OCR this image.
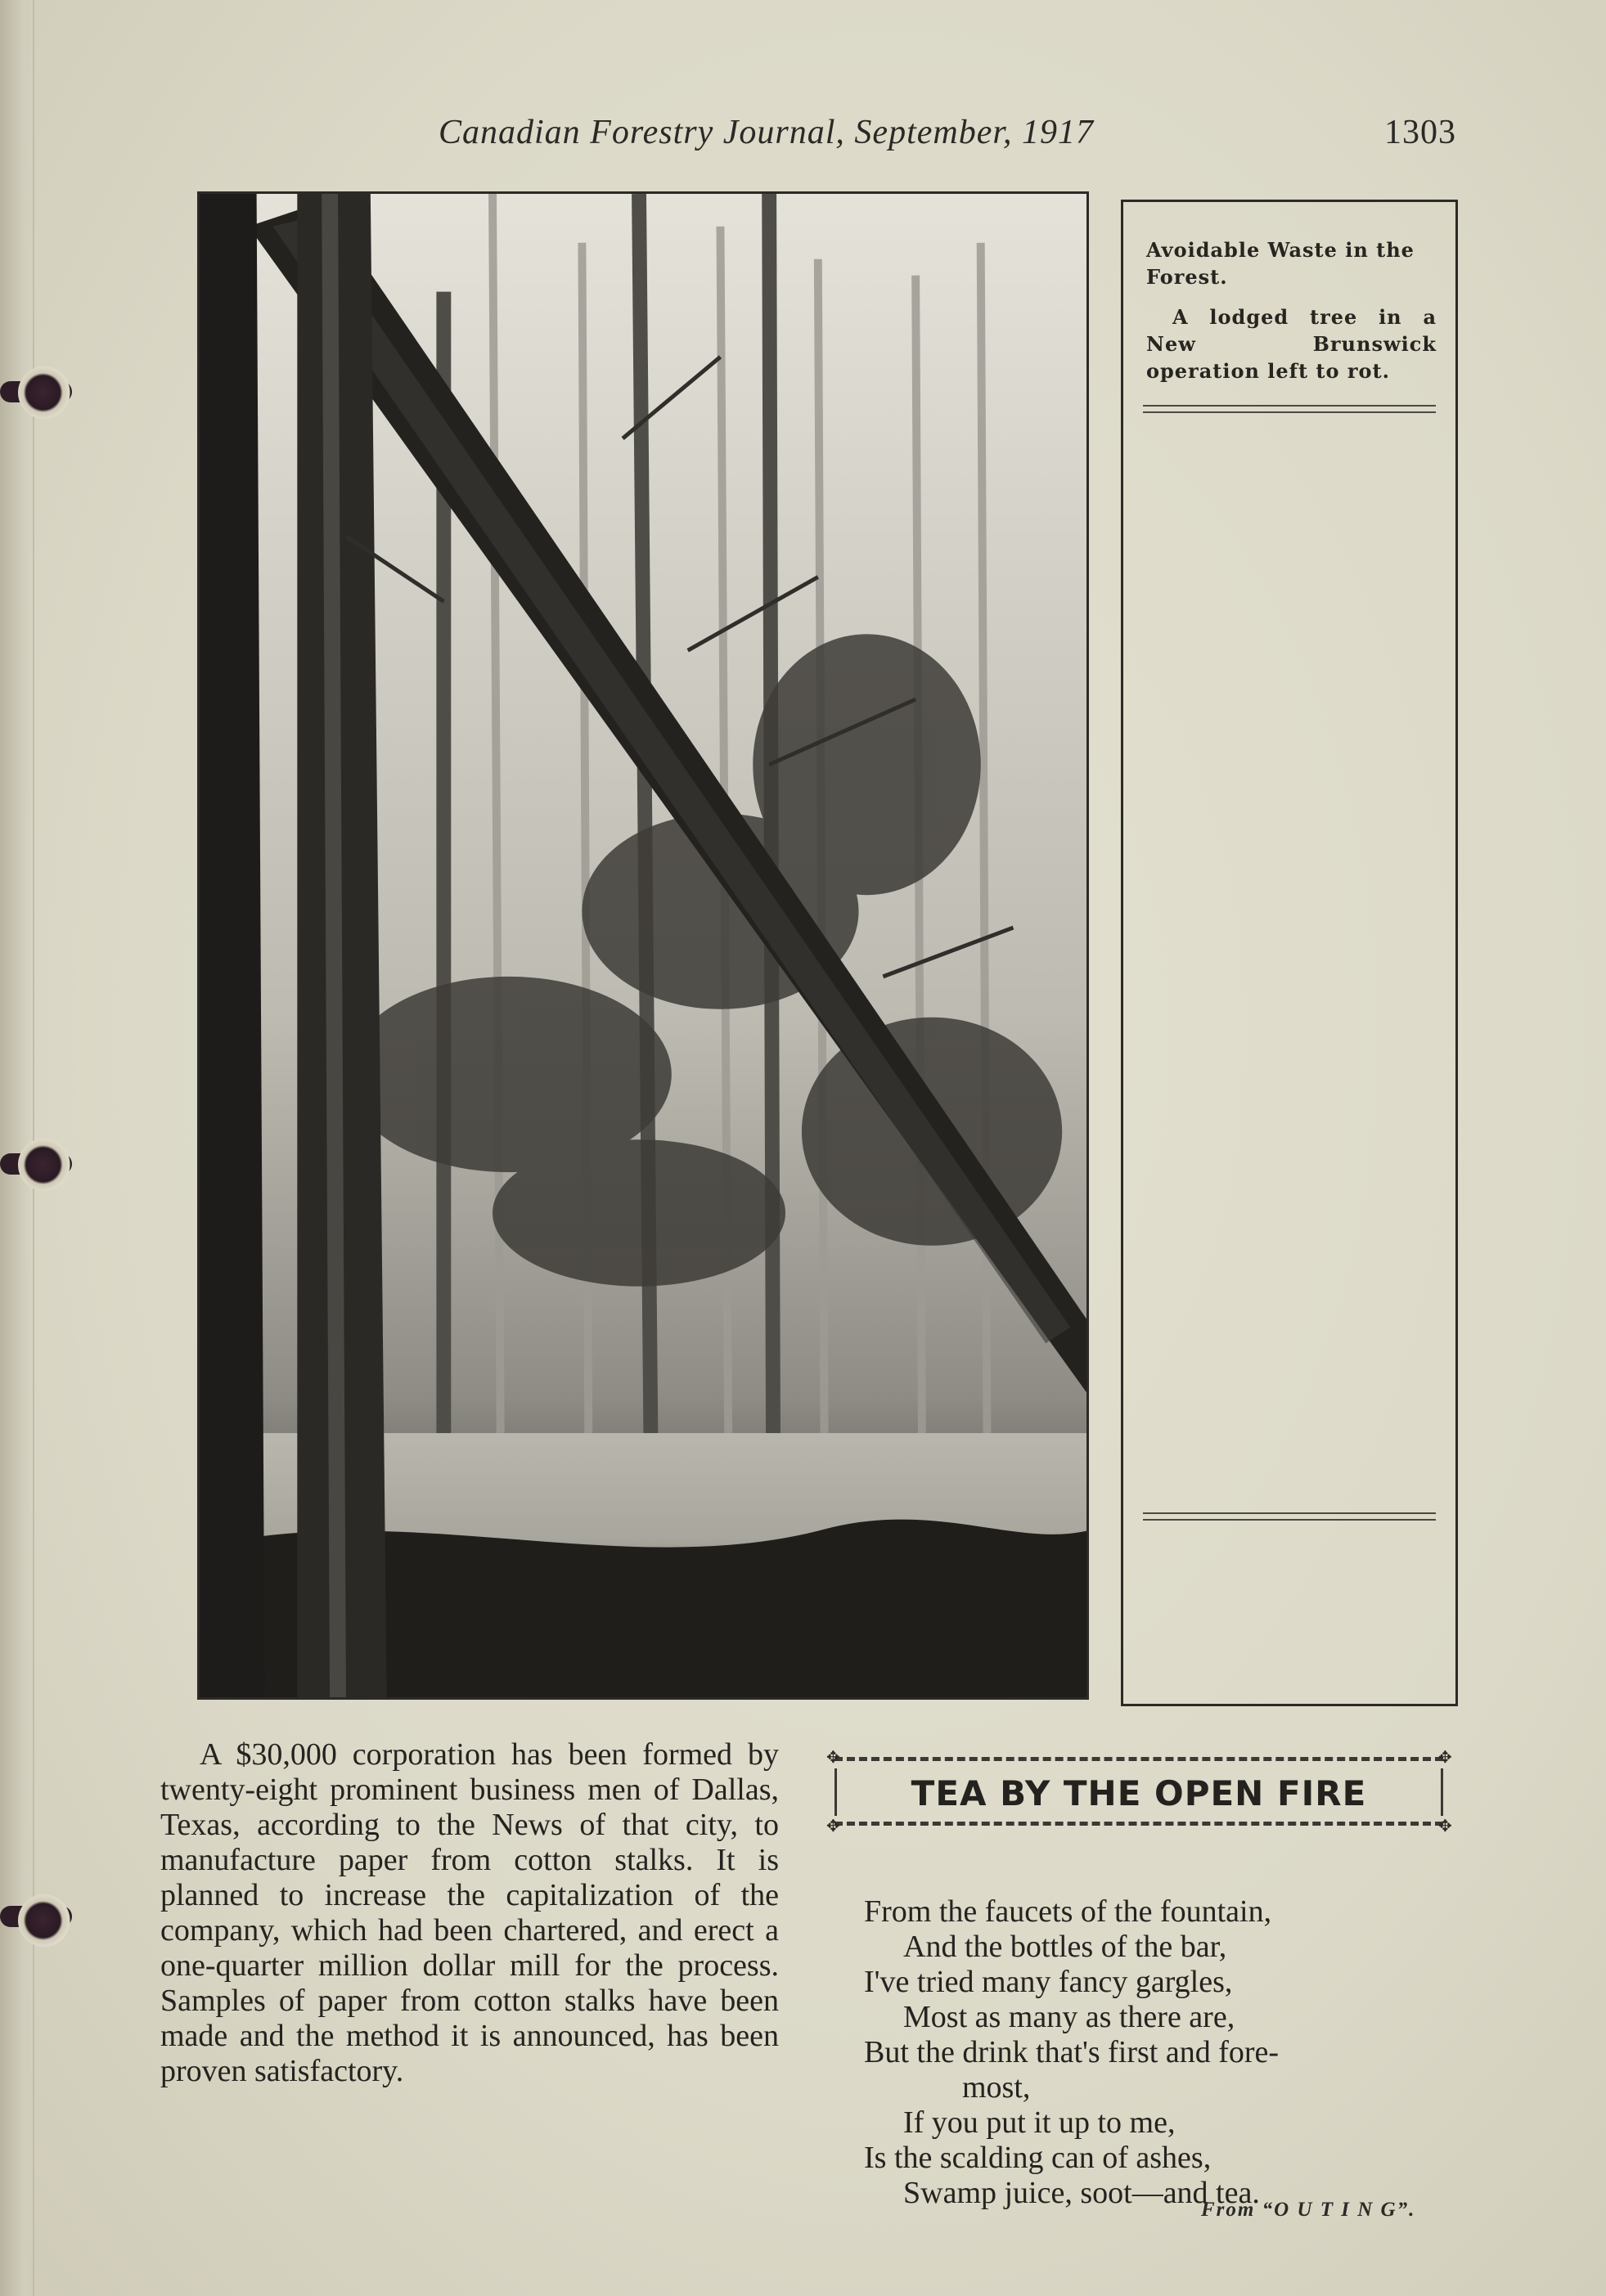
Canadian Forestry Journal, September, 1917	1303
Avoidable Waste in the Forest.
A lodged tree in a New Brunswick operation left to rot.
A $30,000 corporation has been formed by twenty-eight prominent business men of Dallas, Texas, according to the News of that city, to manufacture paper from cotton stalks. It is planned to increase the capitalization of the company, which had been chartered, and erect a one-quarter million dollar mill for the process. Samples of paper from cotton stalks have been made and the method it is announced, has been proven satisfactory.
✥	✥
✥	✥
TEA BY THE OPEN FIRE
From the faucets of the fountain,
And the bottles of the bar,
I've tried many fancy gargles,
Most as many as there are,
But the drink that's first and fore-
most,
If you put it up to me,
Is the scalding can of ashes,
Swamp juice, soot—and tea.
From “O U T I N G”.
